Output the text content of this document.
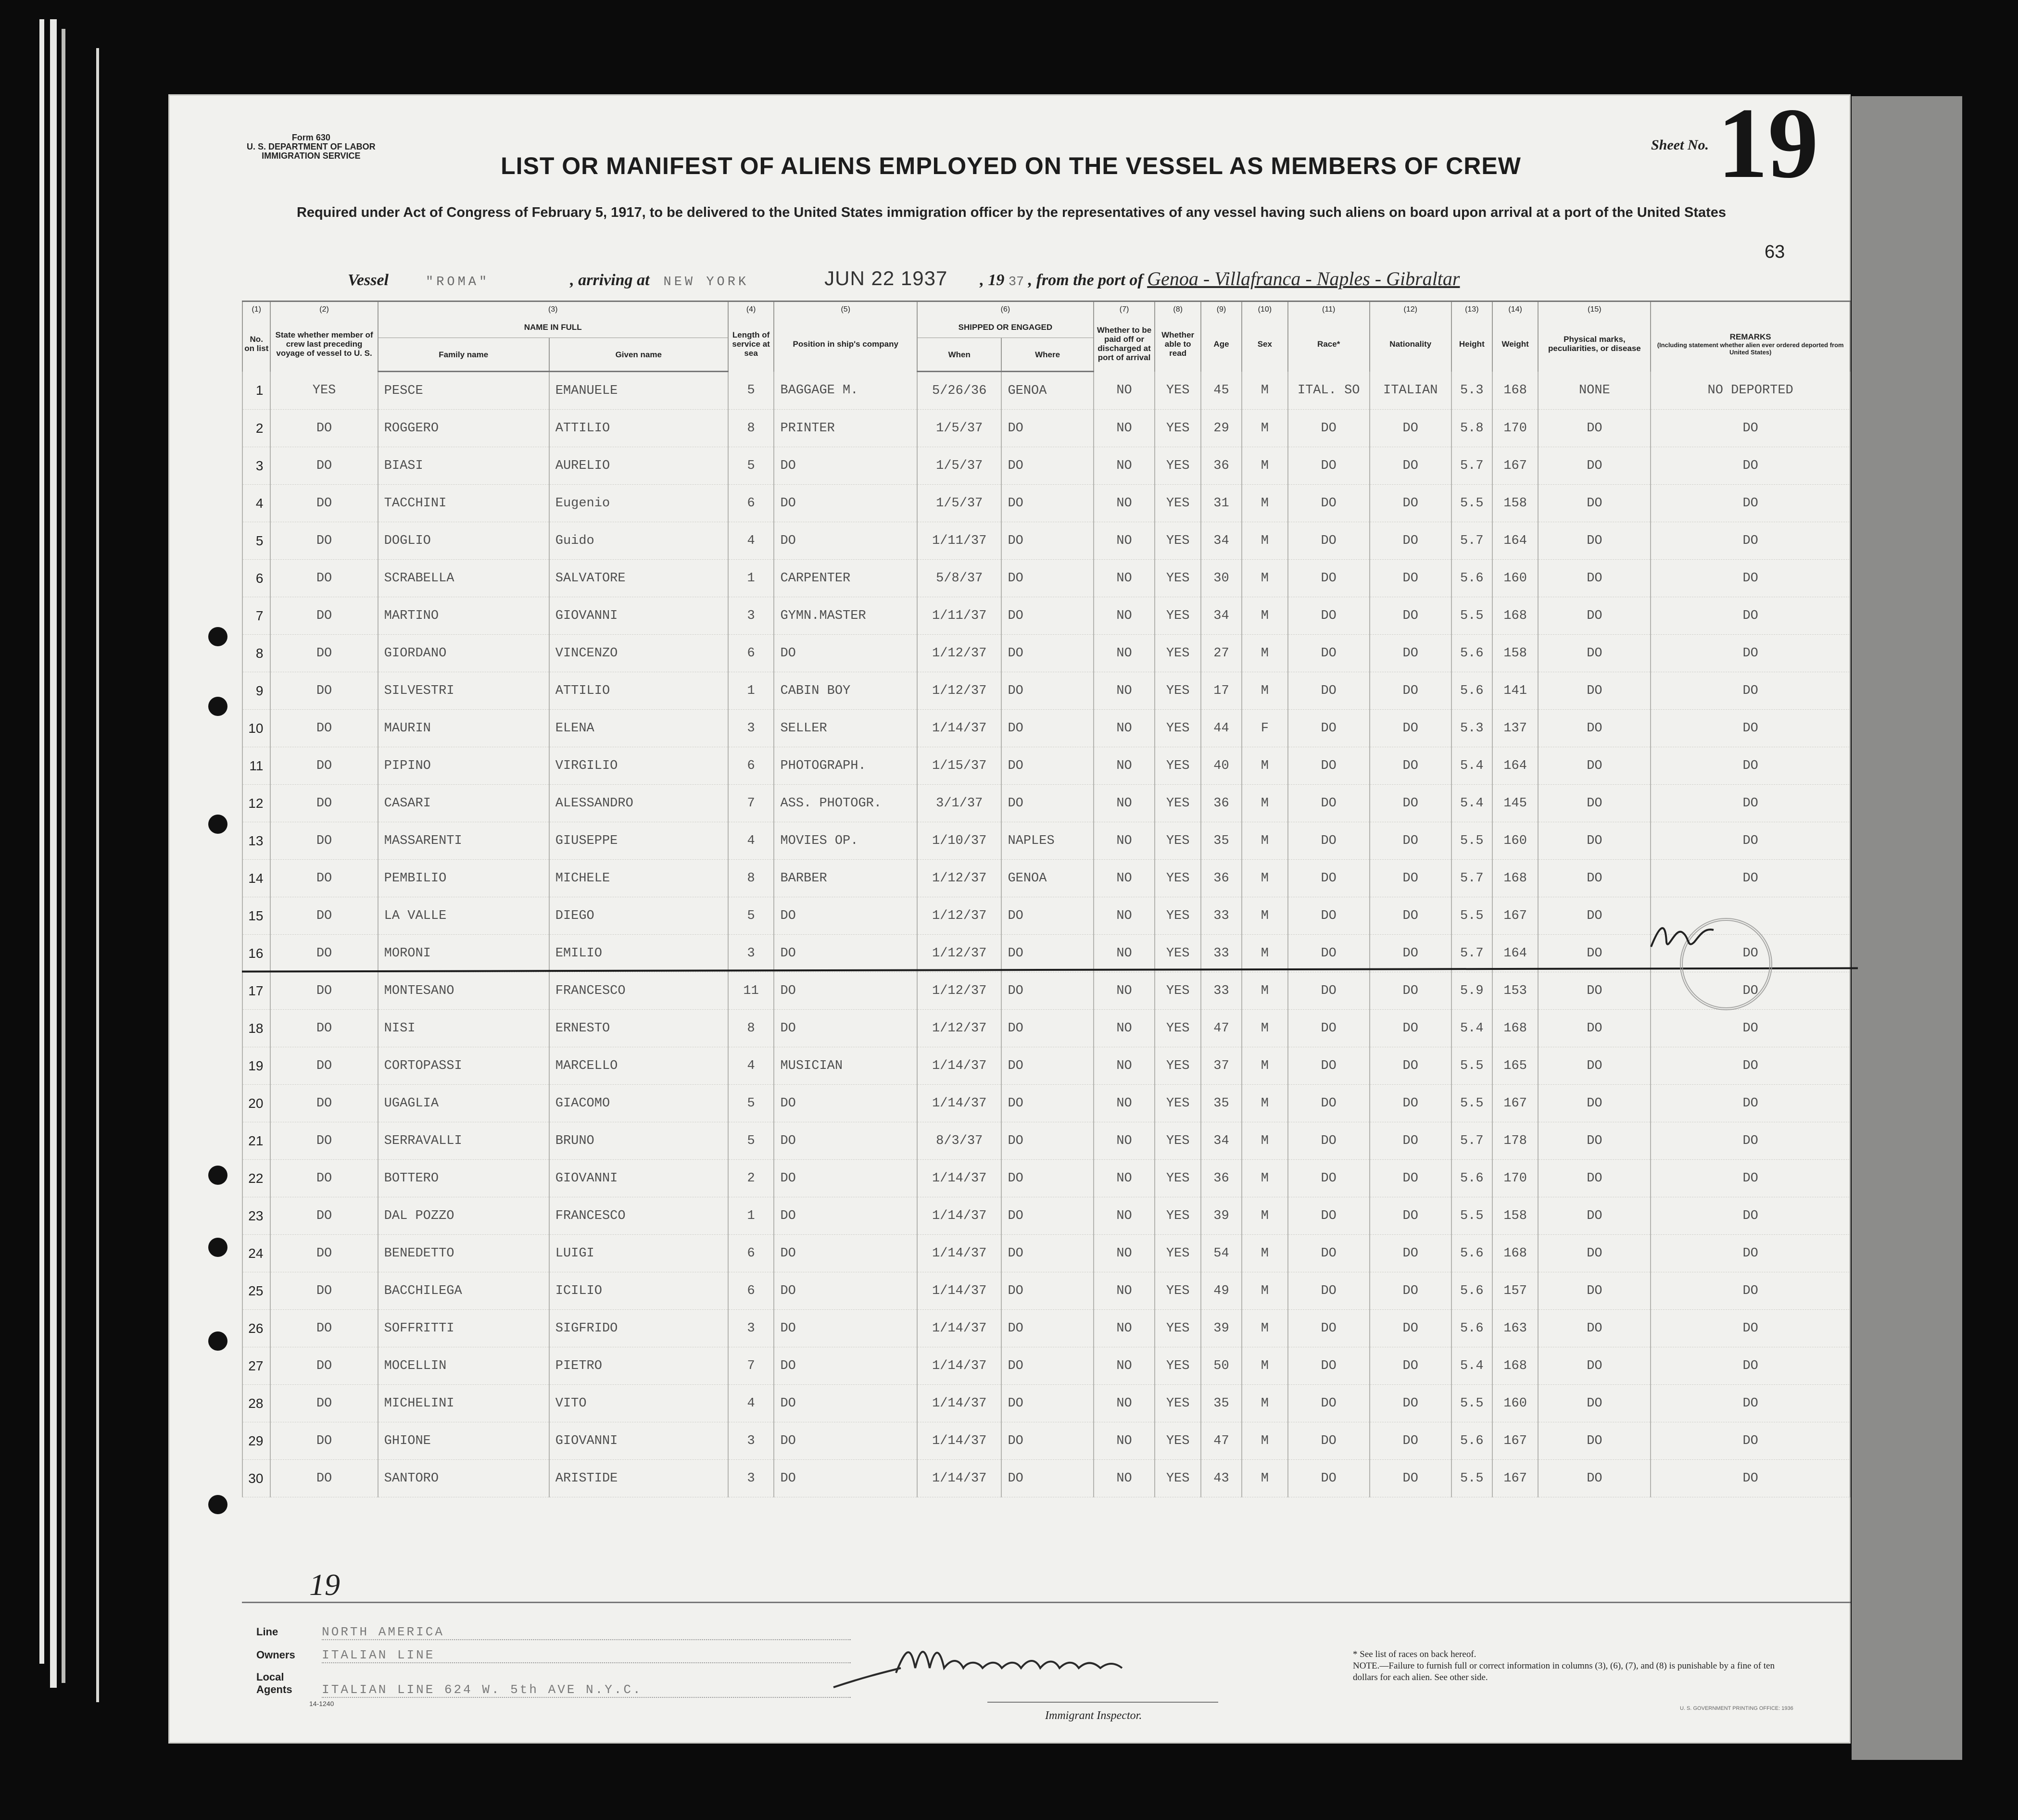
Form 630
U. S. DEPARTMENT OF LABOR
IMMIGRATION SERVICE
Sheet No. 19
LIST OR MANIFEST OF ALIENS EMPLOYED ON THE VESSEL AS MEMBERS OF CREW
Required under Act of Congress of February 5, 1917, to be delivered to the United States immigration officer by the representatives of any vessel having such aliens on board upon arrival at a port of the United States
63
Vessel	"ROMA"	, arriving at NEW YORK	JUN 22 1937 , 19 37 , from the port of Genoa - Villafranca - Naples - Gibraltar
(1)	(2)	(3)		(4)	(5)	(6)		(7)	(8)	(9)	(10)	(11)	(12)	(13)	(14)	(15)	
No. on list	State whether member of crew last preceding voyage of vessel to U. S.	NAME IN FULL		Length of service at sea	Position in ship's company	SHIPPED OR ENGAGED		Whether to be paid off or discharged at port of arrival	Whether able to read	Age	Sex	Race*	Nationality	Height	Weight	Physical marks, peculiarities, or disease	REMARKS
(Including statement whether alien ever ordered deported from United States)

		Family name	Given name			When	Where										
1	YES	PESCE	EMANUELE	5	BAGGAGE M.	5/26/36	GENOA	NO	YES	45	M	ITAL. SO	ITALIAN	5.3	168	NONE	NO DEPORTED
2	DO	ROGGERO	ATTILIO	8	PRINTER	1/5/37	DO	NO	YES	29	M	DO	DO	5.8	170	DO	DO
3	DO	BIASI	AURELIO	5	DO	1/5/37	DO	NO	YES	36	M	DO	DO	5.7	167	DO	DO
4	DO	TACCHINI	Eugenio	6	DO	1/5/37	DO	NO	YES	31	M	DO	DO	5.5	158	DO	DO
5	DO	DOGLIO	Guido	4	DO	1/11/37	DO	NO	YES	34	M	DO	DO	5.7	164	DO	DO
6	DO	SCRABELLA	SALVATORE	1	CARPENTER	5/8/37	DO	NO	YES	30	M	DO	DO	5.6	160	DO	DO
7	DO	MARTINO	GIOVANNI	3	GYMN.MASTER	1/11/37	DO	NO	YES	34	M	DO	DO	5.5	168	DO	DO
8	DO	GIORDANO	VINCENZO	6	DO	1/12/37	DO	NO	YES	27	M	DO	DO	5.6	158	DO	DO
9	DO	SILVESTRI	ATTILIO	1	CABIN BOY	1/12/37	DO	NO	YES	17	M	DO	DO	5.6	141	DO	DO
10	DO	MAURIN	ELENA	3	SELLER	1/14/37	DO	NO	YES	44	F	DO	DO	5.3	137	DO	DO
11	DO	PIPINO	VIRGILIO	6	PHOTOGRAPH.	1/15/37	DO	NO	YES	40	M	DO	DO	5.4	164	DO	DO
12	DO	CASARI	ALESSANDRO	7	ASS. PHOTOGR.	3/1/37	DO	NO	YES	36	M	DO	DO	5.4	145	DO	DO
13	DO	MASSARENTI	GIUSEPPE	4	MOVIES OP.	1/10/37	NAPLES	NO	YES	35	M	DO	DO	5.5	160	DO	DO
14	DO	PEMBILIO	MICHELE	8	BARBER	1/12/37	GENOA	NO	YES	36	M	DO	DO	5.7	168	DO	DO
15	DO	LA VALLE	DIEGO	5	DO	1/12/37	DO	NO	YES	33	M	DO	DO	5.5	167	DO	
16	DO	MORONI	EMILIO	3	DO	1/12/37	DO	NO	YES	33	M	DO	DO	5.7	164	DO	DO
17	DO	MONTESANO	FRANCESCO	11	DO	1/12/37	DO	NO	YES	33	M	DO	DO	5.9	153	DO	DO
18	DO	NISI	ERNESTO	8	DO	1/12/37	DO	NO	YES	47	M	DO	DO	5.4	168	DO	DO
19	DO	CORTOPASSI	MARCELLO	4	MUSICIAN	1/14/37	DO	NO	YES	37	M	DO	DO	5.5	165	DO	DO
20	DO	UGAGLIA	GIACOMO	5	DO	1/14/37	DO	NO	YES	35	M	DO	DO	5.5	167	DO	DO
21	DO	SERRAVALLI	BRUNO	5	DO	8/3/37	DO	NO	YES	34	M	DO	DO	5.7	178	DO	DO
22	DO	BOTTERO	GIOVANNI	2	DO	1/14/37	DO	NO	YES	36	M	DO	DO	5.6	170	DO	DO
23	DO	DAL POZZO	FRANCESCO	1	DO	1/14/37	DO	NO	YES	39	M	DO	DO	5.5	158	DO	DO
24	DO	BENEDETTO	LUIGI	6	DO	1/14/37	DO	NO	YES	54	M	DO	DO	5.6	168	DO	DO
25	DO	BACCHILEGA	ICILIO	6	DO	1/14/37	DO	NO	YES	49	M	DO	DO	5.6	157	DO	DO
26	DO	SOFFRITTI	SIGFRIDO	3	DO	1/14/37	DO	NO	YES	39	M	DO	DO	5.6	163	DO	DO
27	DO	MOCELLIN	PIETRO	7	DO	1/14/37	DO	NO	YES	50	M	DO	DO	5.4	168	DO	DO
28	DO	MICHELINI	VITO	4	DO	1/14/37	DO	NO	YES	35	M	DO	DO	5.5	160	DO	DO
29	DO	GHIONE	GIOVANNI	3	DO	1/14/37	DO	NO	YES	47	M	DO	DO	5.6	167	DO	DO
30	DO	SANTORO	ARISTIDE	3	DO	1/14/37	DO	NO	YES	43	M	DO	DO	5.5	167	DO	DO
19
Line	NORTH AMERICA
Owners ITALIAN LINE
Local Agents ITALIAN LINE 624 W. 5th AVE N.Y.C.
14-1240
Immigrant Inspector.
* See list of races on back hereof.
NOTE.—Failure to furnish full or correct information in columns (3), (6), (7), and (8) is punishable by a fine of ten dollars for each alien. See other side.
U. S. GOVERNMENT PRINTING OFFICE: 1936
